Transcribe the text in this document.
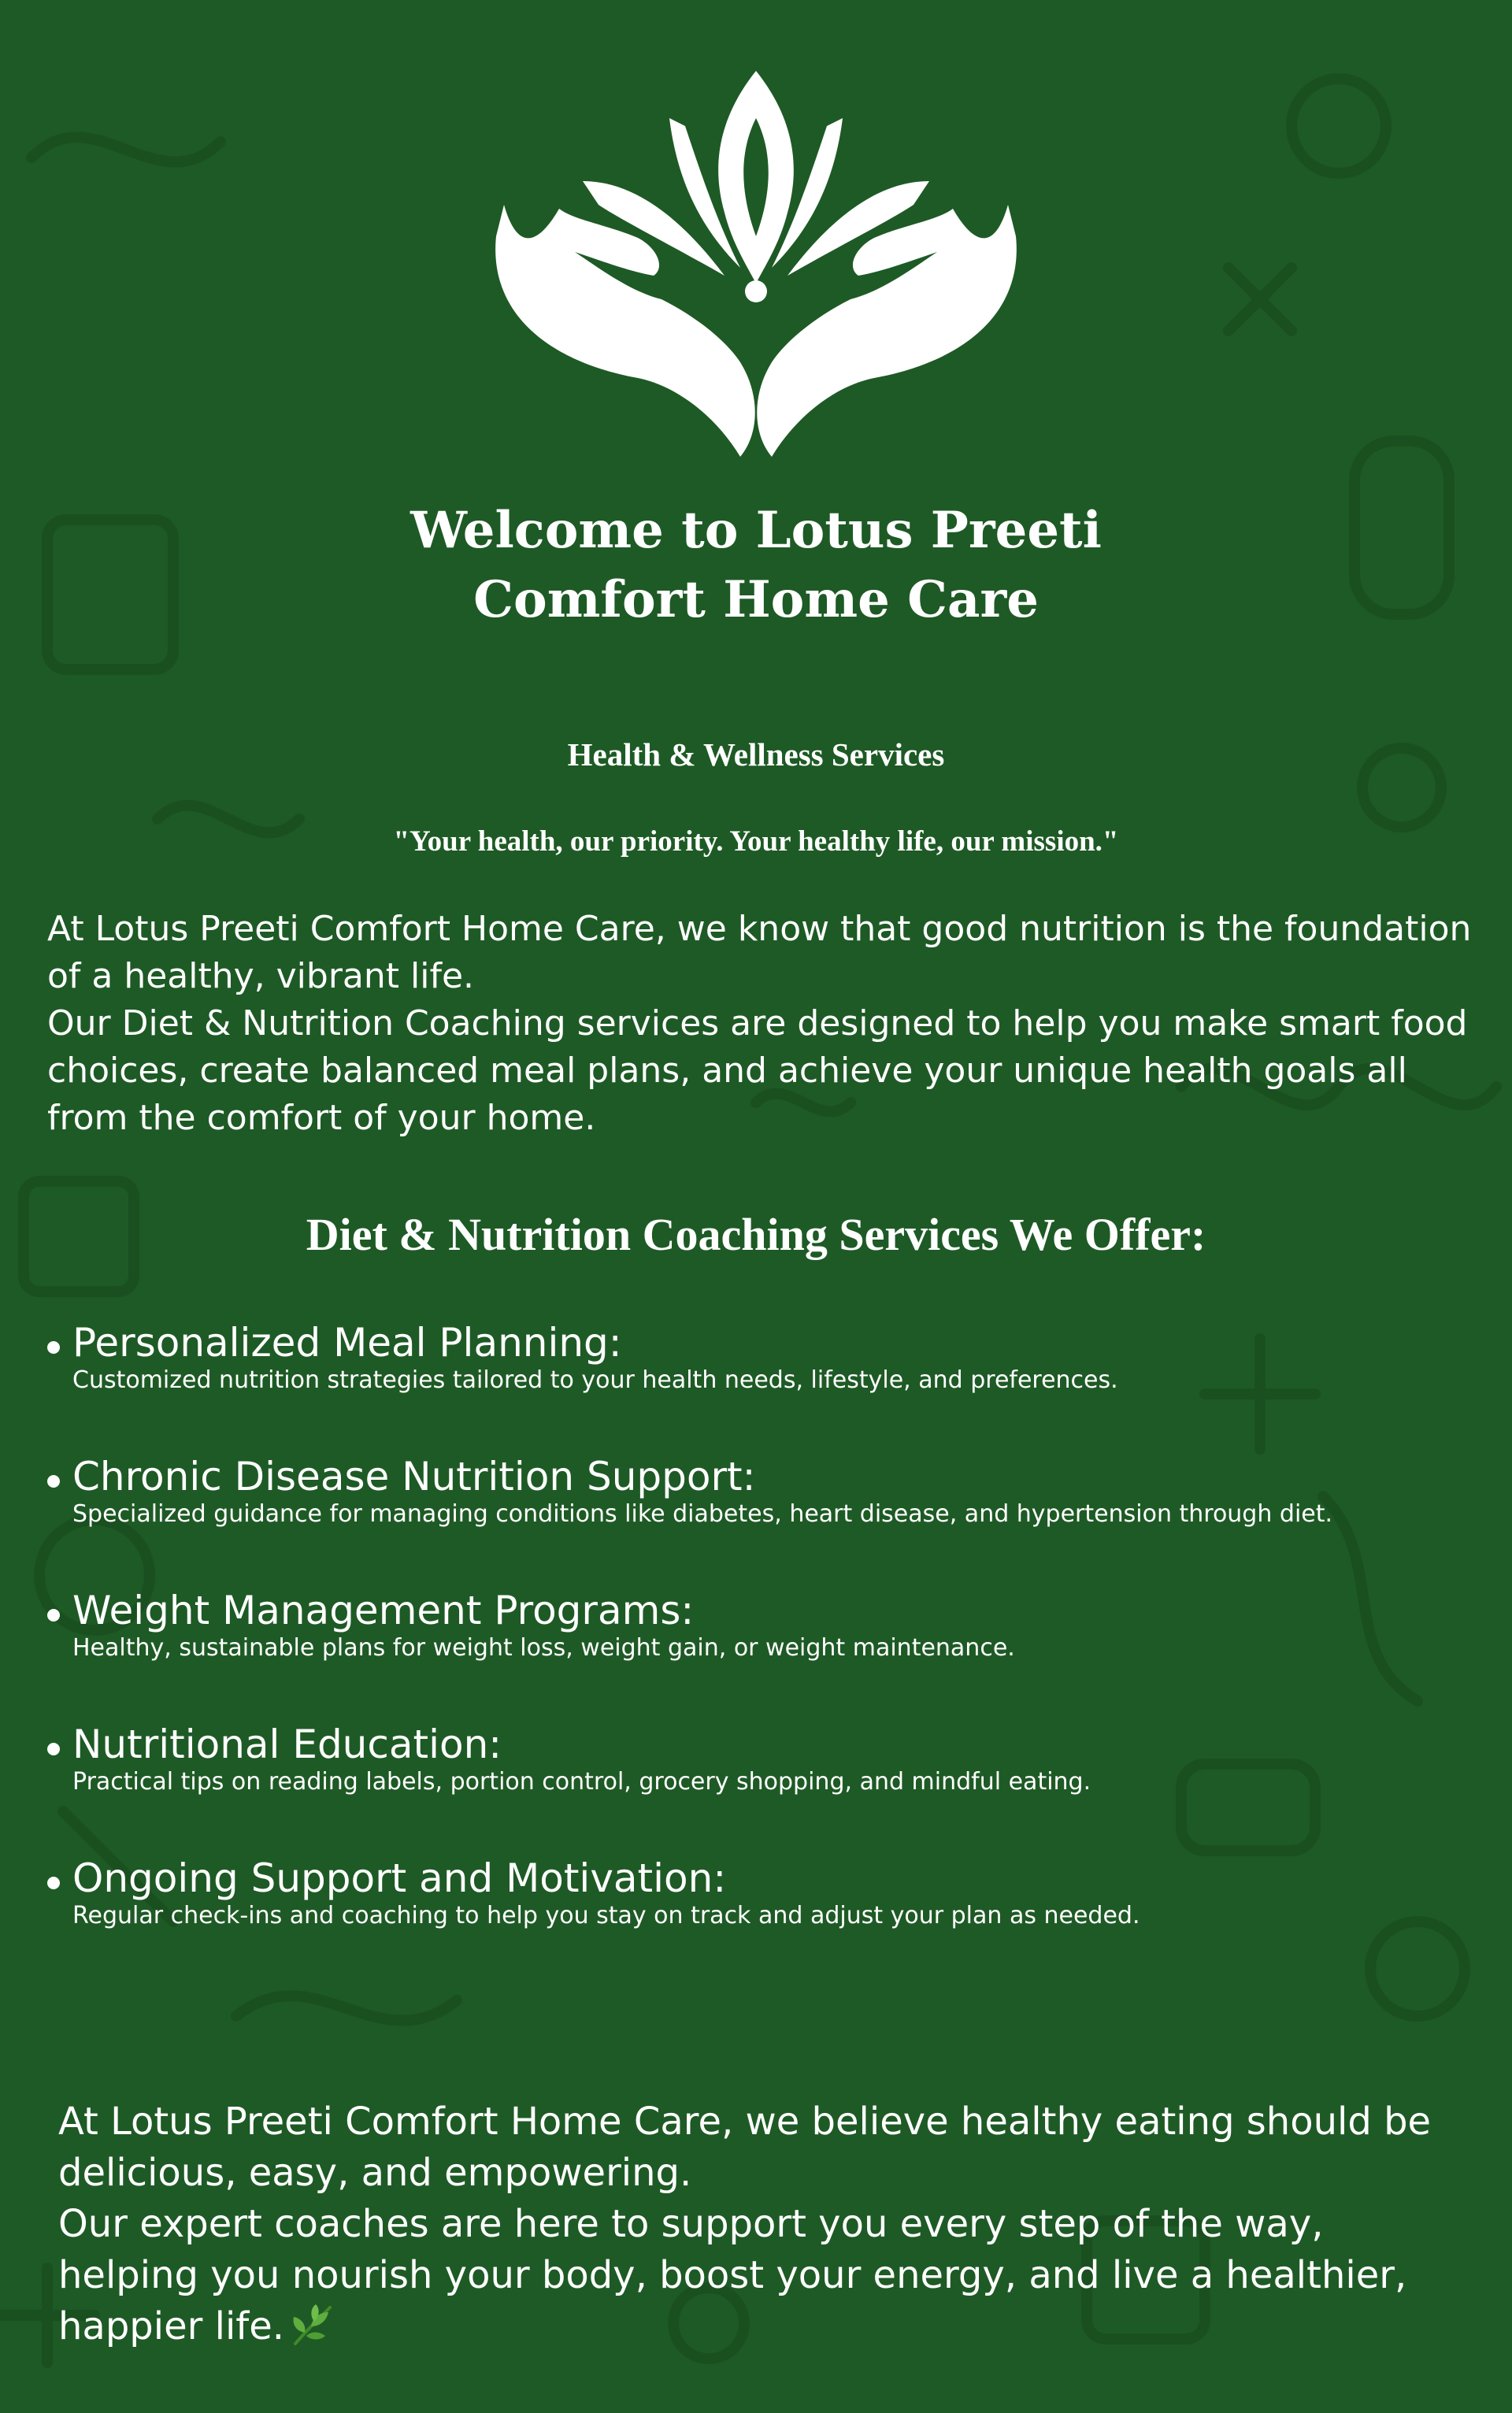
Welcome to Lotus Preeti
Comfort Home Care
Health & Wellness Services
"Your health, our priority. Your healthy life, our mission."

At Lotus Preeti Comfort Home Care, we know that good nutrition is the foundation of a healthy, vibrant life.

Our Diet & Nutrition Coaching services are designed to help you make smart food choices, create balanced meal plans, and achieve your unique health goals all from the comfort of your home.

Diet & Nutrition Coaching Services We Offer:
Personalized Meal Planning:
Customized nutrition strategies tailored to your health needs, lifestyle, and preferences.
Chronic Disease Nutrition Support:
Specialized guidance for managing conditions like diabetes, heart disease, and hypertension through diet.
Weight Management Programs:
Healthy, sustainable plans for weight loss, weight gain, or weight maintenance.
Nutritional Education:
Practical tips on reading labels, portion control, grocery shopping, and mindful eating.
Ongoing Support and Motivation:
Regular check-ins and coaching to help you stay on track and adjust your plan as needed.

At Lotus Preeti Comfort Home Care, we believe healthy eating should be delicious, easy, and empowering.

Our expert coaches are here to support you every step of the way, helping you nourish your body, boost your energy, and live a healthier, happier life.
